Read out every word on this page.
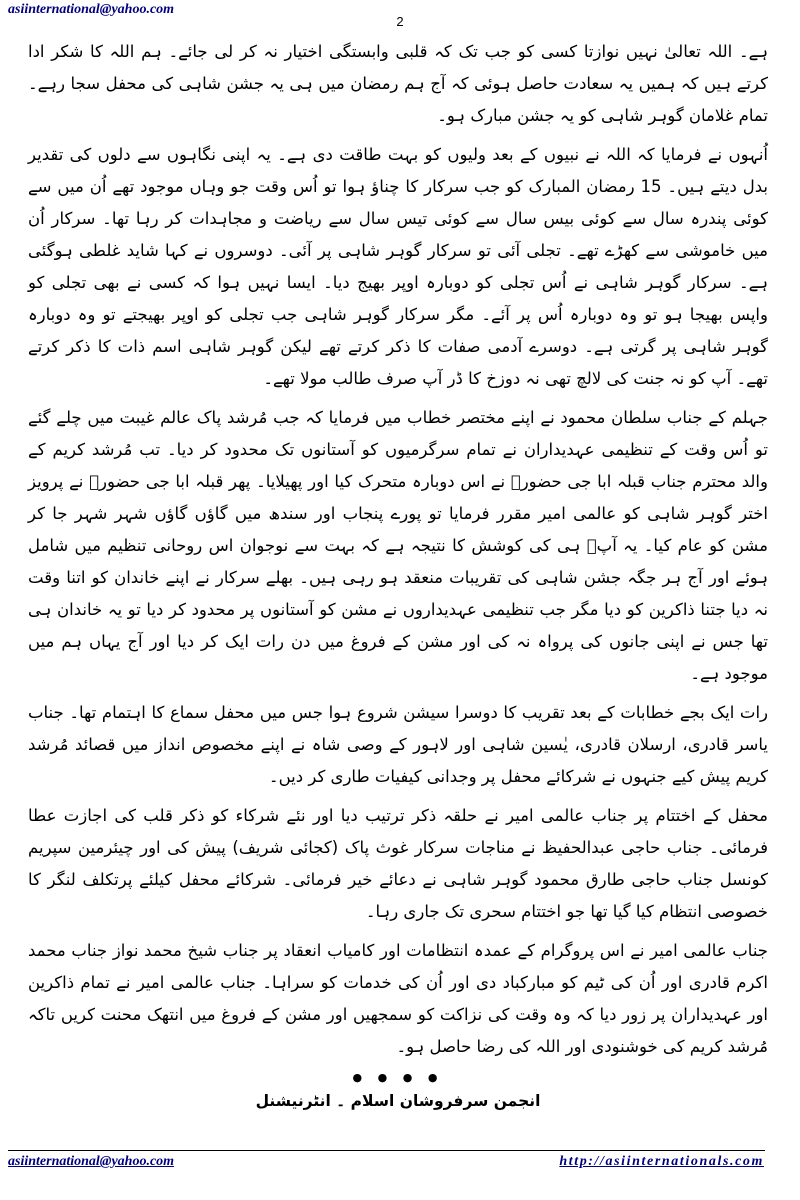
asiinternational@yahoo.com
2

ہے۔ اللہ تعالیٰ نہیں نوازتا کسی کو جب تک کہ قلبی وابستگی اختیار نہ کر لی جائے۔ ہم اللہ کا شکر ادا کرتے ہیں کہ ہمیں یہ سعادت حاصل ہوئی کہ آج ہم رمضان میں ہی یہ جشن شاہی کی محفل سجا رہے۔ تمام غلامان گوہر شاہی کو یہ جشن مبارک ہو۔

اُنہوں نے فرمایا کہ اللہ نے نبیوں کے بعد ولیوں کو بہت طاقت دی ہے۔ یہ اپنی نگاہوں سے دلوں کی تقدیر بدل دیتے ہیں۔ 15 رمضان المبارک کو جب سرکار کا چناؤ ہوا تو اُس وقت جو وہاں موجود تھے اُن میں سے کوئی پندرہ سال سے کوئی بیس سال سے کوئی تیس سال سے ریاضت و مجاہدات کر رہا تھا۔ سرکار اُن میں خاموشی سے کھڑے تھے۔ تجلی آئی تو سرکار گوہر شاہی پر آئی۔ دوسروں نے کہا شاید غلطی ہوگئی ہے۔ سرکار گوہر شاہی نے اُس تجلی کو دوبارہ اوپر بھیج دیا۔ ایسا نہیں ہوا کہ کسی نے بھی تجلی کو واپس بھیجا ہو تو وہ دوبارہ اُس پر آئے۔ مگر سرکار گوہر شاہی جب تجلی کو اوپر بھیجتے تو وہ دوبارہ گوہر شاہی پر گرتی ہے۔ دوسرے آدمی صفات کا ذکر کرتے تھے لیکن گوہر شاہی اسم ذات کا ذکر کرتے تھے۔ آپ کو نہ جنت کی لالچ تھی نہ دوزخ کا ڈر آپ صرف طالب مولا تھے۔

جہلم کے جناب سلطان محمود نے اپنے مختصر خطاب میں فرمایا کہ جب مُرشد پاک عالم غیبت میں چلے گئے تو اُس وقت کے تنظیمی عہدیداران نے تمام سرگرمیوں کو آستانوں تک محدود کر دیا۔ تب مُرشد کریم کے والد محترم جناب قبلہ ابا جی حضورؒ نے اس دوبارہ متحرک کیا اور پھیلایا۔ پھر قبلہ ابا جی حضورؒ نے پرویز اختر گوہر شاہی کو عالمی امیر مقرر فرمایا تو پورے پنجاب اور سندھ میں گاؤں گاؤں شہر شہر جا کر مشن کو عام کیا۔ یہ آپؒ ہی کی کوشش کا نتیجہ ہے کہ بہت سے نوجوان اس روحانی تنظیم میں شامل ہوئے اور آج ہر جگہ جشن شاہی کی تقریبات منعقد ہو رہی ہیں۔ بھلے سرکار نے اپنے خاندان کو اتنا وقت نہ دیا جتنا ذاکرین کو دیا مگر جب تنظیمی عہدیداروں نے مشن کو آستانوں پر محدود کر دیا تو یہ خاندان ہی تھا جس نے اپنی جانوں کی پرواہ نہ کی اور مشن کے فروغ میں دن رات ایک کر دیا اور آج یہاں ہم میں موجود ہے۔

رات ایک بجے خطابات کے بعد تقریب کا دوسرا سیشن شروع ہوا جس میں محفل سماع کا اہتمام تھا۔ جناب یاسر قادری، ارسلان قادری، یٰسین شاہی اور لاہور کے وصی شاہ نے اپنے مخصوص انداز میں قصائد مُرشد کریم پیش کیے جنہوں نے شرکائے محفل پر وجدانی کیفیات طاری کر دیں۔

محفل کے اختتام پر جناب عالمی امیر نے حلقہ ذکر ترتیب دیا اور نئے شرکاء کو ذکر قلب کی اجازت عطا فرمائی۔ جناب حاجی عبدالحفیظ نے مناجات سرکار غوث پاک (کجائی شریف) پیش کی اور چیئرمین سپریم کونسل جناب حاجی طارق محمود گوہر شاہی نے دعائے خیر فرمائی۔ شرکائے محفل کیلئے پرتکلف لنگر کا خصوصی انتظام کیا گیا تھا جو اختتام سحری تک جاری رہا۔

جناب عالمی امیر نے اس پروگرام کے عمدہ انتظامات اور کامیاب انعقاد پر جناب شیخ محمد نواز جناب محمد اکرم قادری اور اُن کی ٹیم کو مبارکباد دی اور اُن کی خدمات کو سراہا۔ جناب عالمی امیر نے تمام ذاکرین اور عہدیداران پر زور دیا کہ وہ وقت کی نزاکت کو سمجھیں اور مشن کے فروغ میں انتھک محنت کریں تاکہ مُرشد کریم کی خوشنودی اور اللہ کی رضا حاصل ہو۔

● ● ● ●
انجمن سرفروشان اسلام ۔ انٹرنیشنل
asiinternational@yahoo.com	http://asiinternationals.com
